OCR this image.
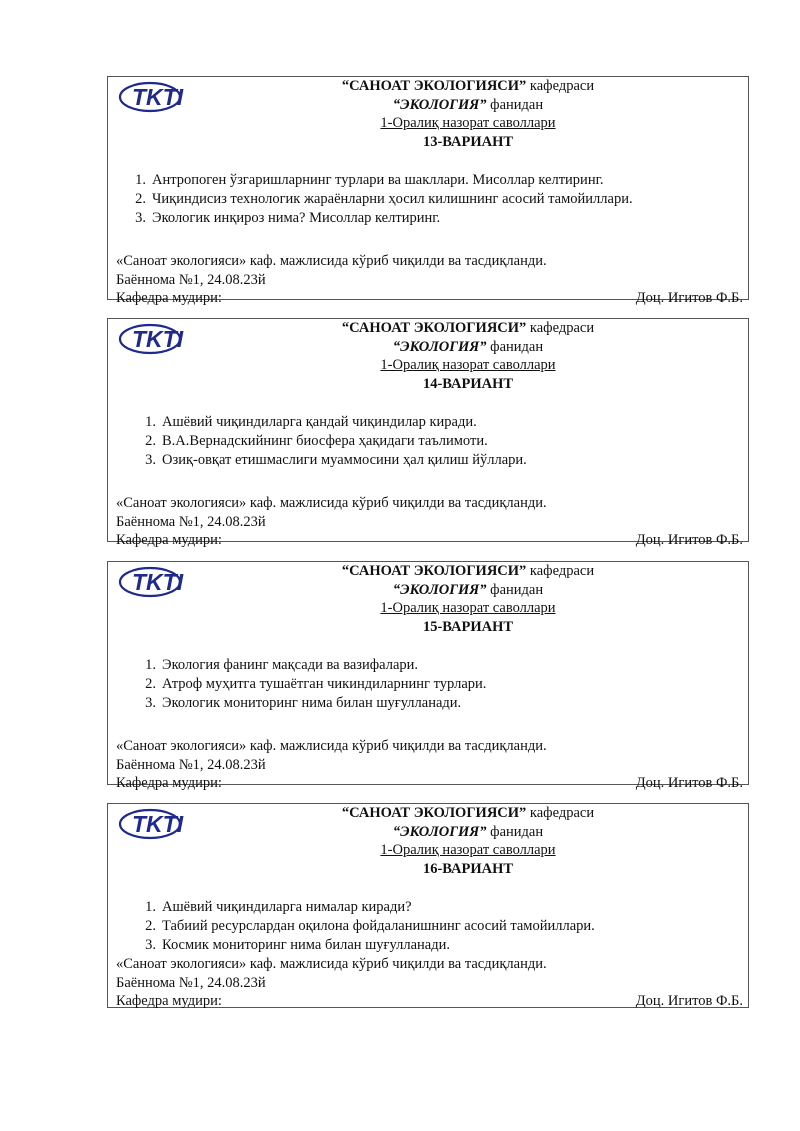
TKTI	“САНОАТ ЭКОЛОГИЯСИ” кафедраси
“ЭКОЛОГИЯ” фанидан
1-Оралиқ назорат саволлари
13-ВАРИАНТ
1. Антропоген ўзгаришларнинг турлари ва шакллари. Мисоллар келтиринг.
2. Чиқиндисиз технологик жараёнларни ҳосил килишнинг асосий тамойиллари.
3. Экологик инқироз нима? Мисоллар келтиринг.
«Саноат экологияси» каф. мажлисида кўриб чиқилди ва тасдиқланди.
Баённома №1, 24.08.23й
Кафедра мудири:	Доц. Игитов Ф.Б.
TKTI	“САНОАТ ЭКОЛОГИЯСИ” кафедраси
“ЭКОЛОГИЯ” фанидан
1-Оралиқ назорат саволлари
14-ВАРИАНТ
1. Ашёвий чиқиндиларга қандай чиқиндилар киради.
2. В.А.Вернадскийнинг биосфера ҳақидаги таълимоти.
3. Озиқ-овқат етишмаслиги муаммосини ҳал қилиш йўллари.
«Саноат экологияси» каф. мажлисида кўриб чиқилди ва тасдиқланди.
Баённома №1, 24.08.23й
Кафедра мудири:	Доц. Игитов Ф.Б.
TKTI	“САНОАТ ЭКОЛОГИЯСИ” кафедраси
“ЭКОЛОГИЯ” фанидан
1-Оралиқ назорат саволлари
15-ВАРИАНТ
1. Экология фанинг мақсади ва вазифалари.
2. Атроф муҳитга тушаётган чикиндиларнинг турлари.
3. Экологик мониторинг нима билан шуғулланади.
«Саноат экологияси» каф. мажлисида кўриб чиқилди ва тасдиқланди.
Баённома №1, 24.08.23й
Кафедра мудири:	Доц. Игитов Ф.Б.
TKTI	“САНОАТ ЭКОЛОГИЯСИ” кафедраси
“ЭКОЛОГИЯ” фанидан
1-Оралиқ назорат саволлари
16-ВАРИАНТ
1. Ашёвий чиқиндиларга нималар киради?
2. Табиий ресурслардан оқилона фойдаланишнинг асосий тамойиллари.
3. Космик мониторинг нима билан шуғулланади.
«Саноат экологияси» каф. мажлисида кўриб чиқилди ва тасдиқланди.
Баённома №1, 24.08.23й
Кафедра мудири:	Доц. Игитов Ф.Б.
